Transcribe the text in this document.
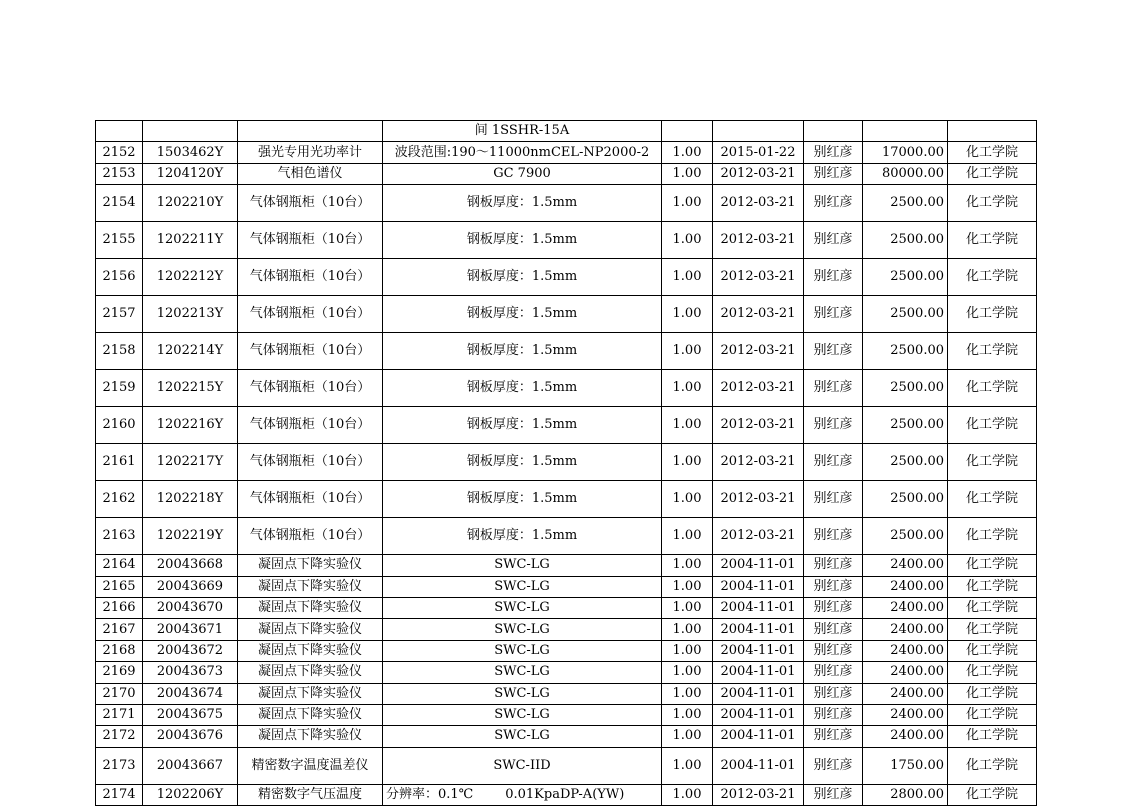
			间 1SSHR-15A					
2152	1503462Y	强光专用光功率计	波段范围:190～11000nmCEL-NP2000-2	1.00	2015-01-22	别红彦	17000.00	化工学院
2153	1204120Y	气相色谱仪	GC 7900	1.00	2012-03-21	别红彦	80000.00	化工学院
2154	1202210Y	气体钢瓶柜（10台）	钢板厚度：1.5mm	1.00	2012-03-21	别红彦	2500.00	化工学院
2155	1202211Y	气体钢瓶柜（10台）	钢板厚度：1.5mm	1.00	2012-03-21	别红彦	2500.00	化工学院
2156	1202212Y	气体钢瓶柜（10台）	钢板厚度：1.5mm	1.00	2012-03-21	别红彦	2500.00	化工学院
2157	1202213Y	气体钢瓶柜（10台）	钢板厚度：1.5mm	1.00	2012-03-21	别红彦	2500.00	化工学院
2158	1202214Y	气体钢瓶柜（10台）	钢板厚度：1.5mm	1.00	2012-03-21	别红彦	2500.00	化工学院
2159	1202215Y	气体钢瓶柜（10台）	钢板厚度：1.5mm	1.00	2012-03-21	别红彦	2500.00	化工学院
2160	1202216Y	气体钢瓶柜（10台）	钢板厚度：1.5mm	1.00	2012-03-21	别红彦	2500.00	化工学院
2161	1202217Y	气体钢瓶柜（10台）	钢板厚度：1.5mm	1.00	2012-03-21	别红彦	2500.00	化工学院
2162	1202218Y	气体钢瓶柜（10台）	钢板厚度：1.5mm	1.00	2012-03-21	别红彦	2500.00	化工学院
2163	1202219Y	气体钢瓶柜（10台）	钢板厚度：1.5mm	1.00	2012-03-21	别红彦	2500.00	化工学院
2164	20043668	凝固点下降实验仪	SWC-LG	1.00	2004-11-01	别红彦	2400.00	化工学院
2165	20043669	凝固点下降实验仪	SWC-LG	1.00	2004-11-01	别红彦	2400.00	化工学院
2166	20043670	凝固点下降实验仪	SWC-LG	1.00	2004-11-01	别红彦	2400.00	化工学院
2167	20043671	凝固点下降实验仪	SWC-LG	1.00	2004-11-01	别红彦	2400.00	化工学院
2168	20043672	凝固点下降实验仪	SWC-LG	1.00	2004-11-01	别红彦	2400.00	化工学院
2169	20043673	凝固点下降实验仪	SWC-LG	1.00	2004-11-01	别红彦	2400.00	化工学院
2170	20043674	凝固点下降实验仪	SWC-LG	1.00	2004-11-01	别红彦	2400.00	化工学院
2171	20043675	凝固点下降实验仪	SWC-LG	1.00	2004-11-01	别红彦	2400.00	化工学院
2172	20043676	凝固点下降实验仪	SWC-LG	1.00	2004-11-01	别红彦	2400.00	化工学院
2173	20043667	精密数字温度温差仪	SWC-IID	1.00	2004-11-01	别红彦	1750.00	化工学院
2174	1202206Y	精密数字气压温度	分辨率：0.1℃ 0.01KpaDP-A(YW)	1.00	2012-03-21	别红彦	2800.00	化工学院
